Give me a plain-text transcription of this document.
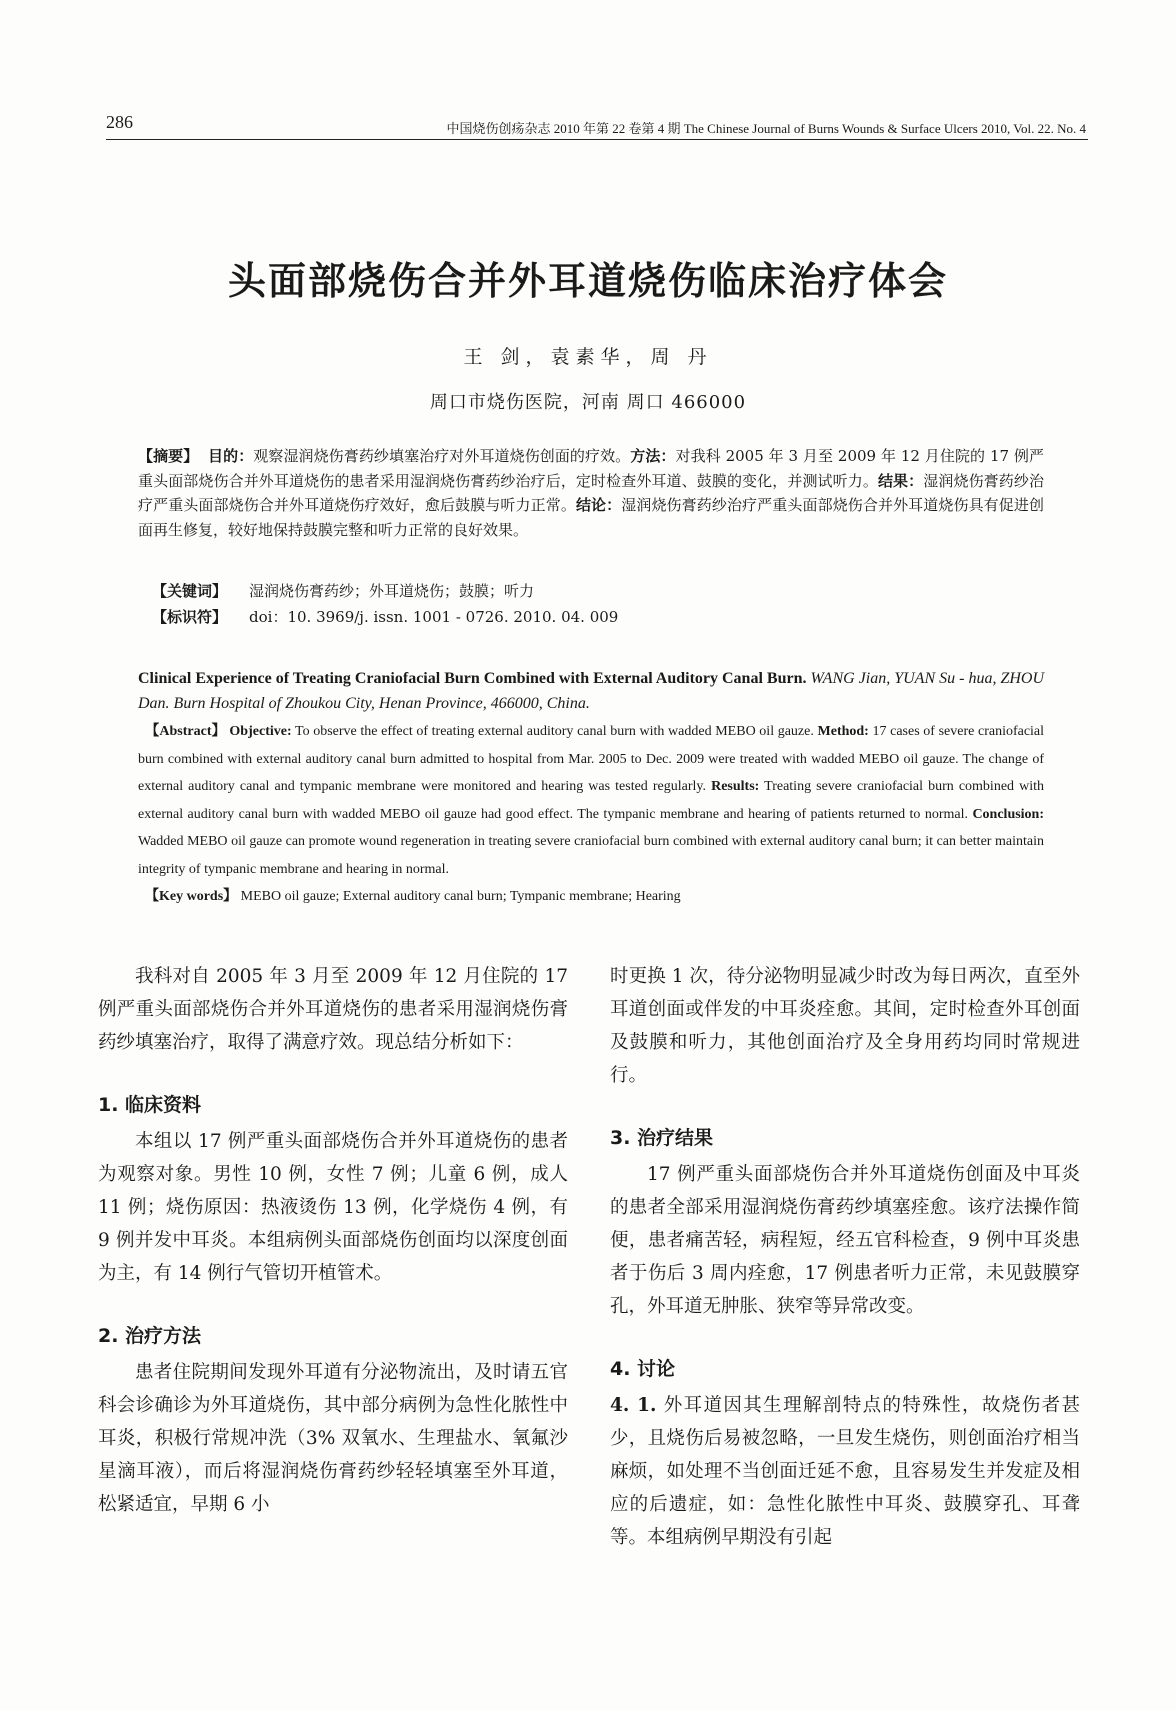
286	中国烧伤创疡杂志 2010 年第 22 卷第 4 期 The Chinese Journal of Burns Wounds & Surface Ulcers 2010, Vol. 22. No. 4
头面部烧伤合并外耳道烧伤临床治疗体会
王 剑，袁素华，周 丹
周口市烧伤医院，河南 周口 466000
【摘要】 目的：观察湿润烧伤膏药纱填塞治疗对外耳道烧伤创面的疗效。方法：对我科 2005 年 3 月至 2009 年 12 月住院的 17 例严重头面部烧伤合并外耳道烧伤的患者采用湿润烧伤膏药纱治疗后，定时检查外耳道、鼓膜的变化，并测试听力。结果：湿润烧伤膏药纱治疗严重头面部烧伤合并外耳道烧伤疗效好，愈后鼓膜与听力正常。结论：湿润烧伤膏药纱治疗严重头面部烧伤合并外耳道烧伤具有促进创面再生修复，较好地保持鼓膜完整和听力正常的良好效果。
【关键词】 湿润烧伤膏药纱；外耳道烧伤；鼓膜；听力
【标识符】 doi：10. 3969/j. issn. 1001 - 0726. 2010. 04. 009
Clinical Experience of Treating Craniofacial Burn Combined with External Auditory Canal Burn. WANG Jian, YUAN Su - hua, ZHOU Dan. Burn Hospital of Zhoukou City, Henan Province, 466000, China.
【Abstract】 Objective: To observe the effect of treating external auditory canal burn with wadded MEBO oil gauze. Method: 17 cases of severe craniofacial burn combined with external auditory canal burn admitted to hospital from Mar. 2005 to Dec. 2009 were treated with wadded MEBO oil gauze. The change of external auditory canal and tympanic membrane were monitored and hearing was tested regularly. Results: Treating severe craniofacial burn combined with external auditory canal burn with wadded MEBO oil gauze had good effect. The tympanic membrane and hearing of patients returned to normal. Conclusion: Wadded MEBO oil gauze can promote wound regeneration in treating severe craniofacial burn combined with external auditory canal burn; it can better maintain integrity of tympanic membrane and hearing in normal.
【Key words】 MEBO oil gauze; External auditory canal burn; Tympanic membrane; Hearing

我科对自 2005 年 3 月至 2009 年 12 月住院的 17 例严重头面部烧伤合并外耳道烧伤的患者采用湿润烧伤膏药纱填塞治疗，取得了满意疗效。现总结分析如下：

1. 临床资料

本组以 17 例严重头面部烧伤合并外耳道烧伤的患者为观察对象。男性 10 例，女性 7 例；儿童 6 例，成人 11 例；烧伤原因：热液烫伤 13 例，化学烧伤 4 例，有 9 例并发中耳炎。本组病例头面部烧伤创面均以深度创面为主，有 14 例行气管切开植管术。

2. 治疗方法

患者住院期间发现外耳道有分泌物流出，及时请五官科会诊确诊为外耳道烧伤，其中部分病例为急性化脓性中耳炎，积极行常规冲洗（3% 双氧水、生理盐水、氧氟沙星滴耳液），而后将湿润烧伤膏药纱轻轻填塞至外耳道，松紧适宜，早期 6 小

时更换 1 次，待分泌物明显减少时改为每日两次，直至外耳道创面或伴发的中耳炎痊愈。其间，定时检查外耳创面及鼓膜和听力，其他创面治疗及全身用药均同时常规进行。

3. 治疗结果

17 例严重头面部烧伤合并外耳道烧伤创面及中耳炎的患者全部采用湿润烧伤膏药纱填塞痊愈。该疗法操作简便，患者痛苦轻，病程短，经五官科检查，9 例中耳炎患者于伤后 3 周内痊愈，17 例患者听力正常，未见鼓膜穿孔，外耳道无肿胀、狭窄等异常改变。

4. 讨论

4. 1. 外耳道因其生理解剖特点的特殊性，故烧伤者甚少，且烧伤后易被忽略，一旦发生烧伤，则创面治疗相当麻烦，如处理不当创面迁延不愈，且容易发生并发症及相应的后遗症，如：急性化脓性中耳炎、鼓膜穿孔、耳聋等。本组病例早期没有引起
